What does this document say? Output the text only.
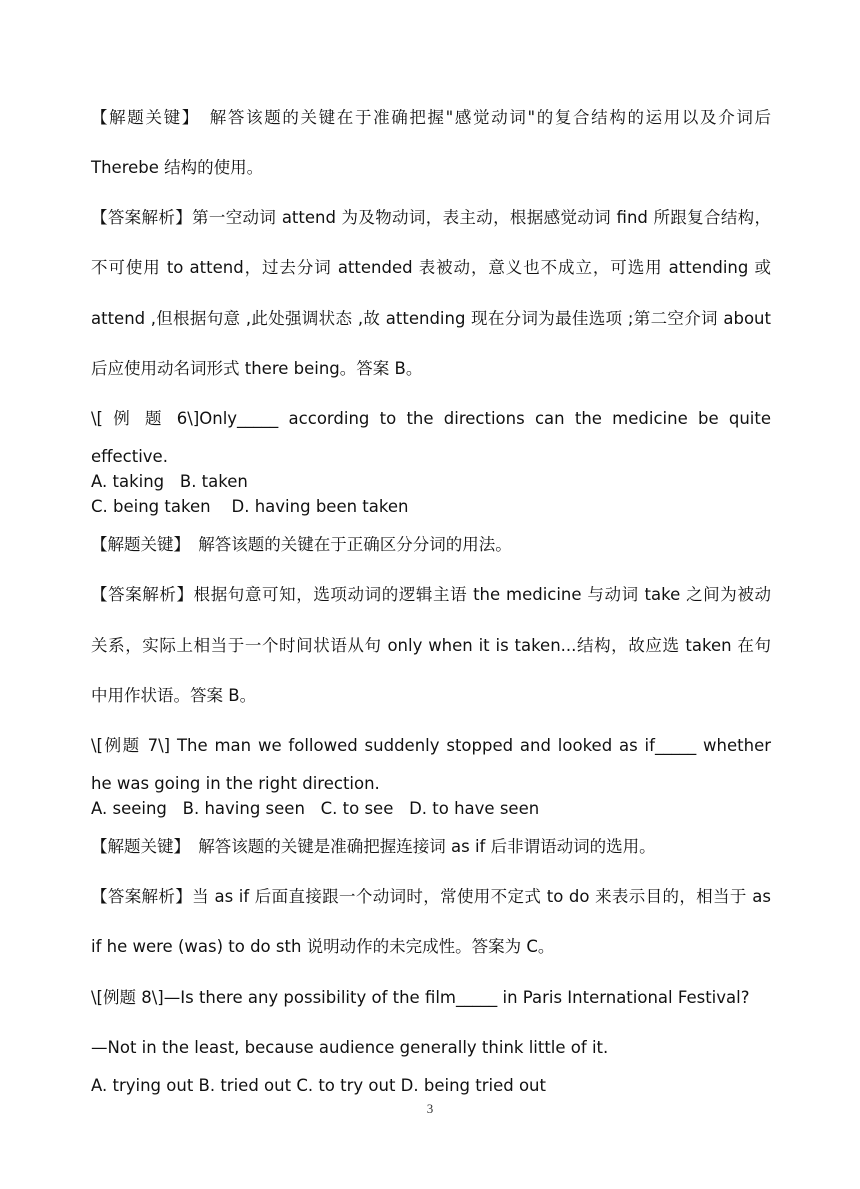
【解题关键】　解答该题的关键在于准确把握"感觉动词"的复合结构的运用以及介词后

Therebe 结构的使用。

【答案解析】第一空动词 attend 为及物动词，表主动，根据感觉动词 find 所跟复合结构，

不可使用 to attend，过去分词 attended 表被动，意义也不成立，可选用 attending 或

attend ,但根据句意 ,此处强调状态 ,故 attending 现在分词为最佳选项 ;第二空介词 about

后应使用动名词形式 there being。答案 B。

\[ 例 题 6\]Only_____ according to the directions can the medicine be quite

effective.

A. taking   B. taken

C. being taken    D. having been taken

【解题关键】　解答该题的关键在于正确区分分词的用法。

【答案解析】根据句意可知，选项动词的逻辑主语 the medicine 与动词 take 之间为被动

关系，实际上相当于一个时间状语从句 only when it is taken...结构，故应选 taken 在句

中用作状语。答案 B。

\[例题 7\] The man we followed suddenly stopped and looked as if_____ whether

he was going in the right direction.

A. seeing   B. having seen   C. to see   D. to have seen

【解题关键】　解答该题的关键是准确把握连接词 as if 后非谓语动词的选用。

【答案解析】当 as if 后面直接跟一个动词时，常使用不定式 to do 来表示目的，相当于 as

if he were (was) to do sth 说明动作的未完成性。答案为 C。

\[例题 8\]—Is there any possibility of the film_____ in Paris International Festival?

—Not in the least, because audience generally think little of it.

A. trying out B. tried out C. to try out D. being tried out

3
